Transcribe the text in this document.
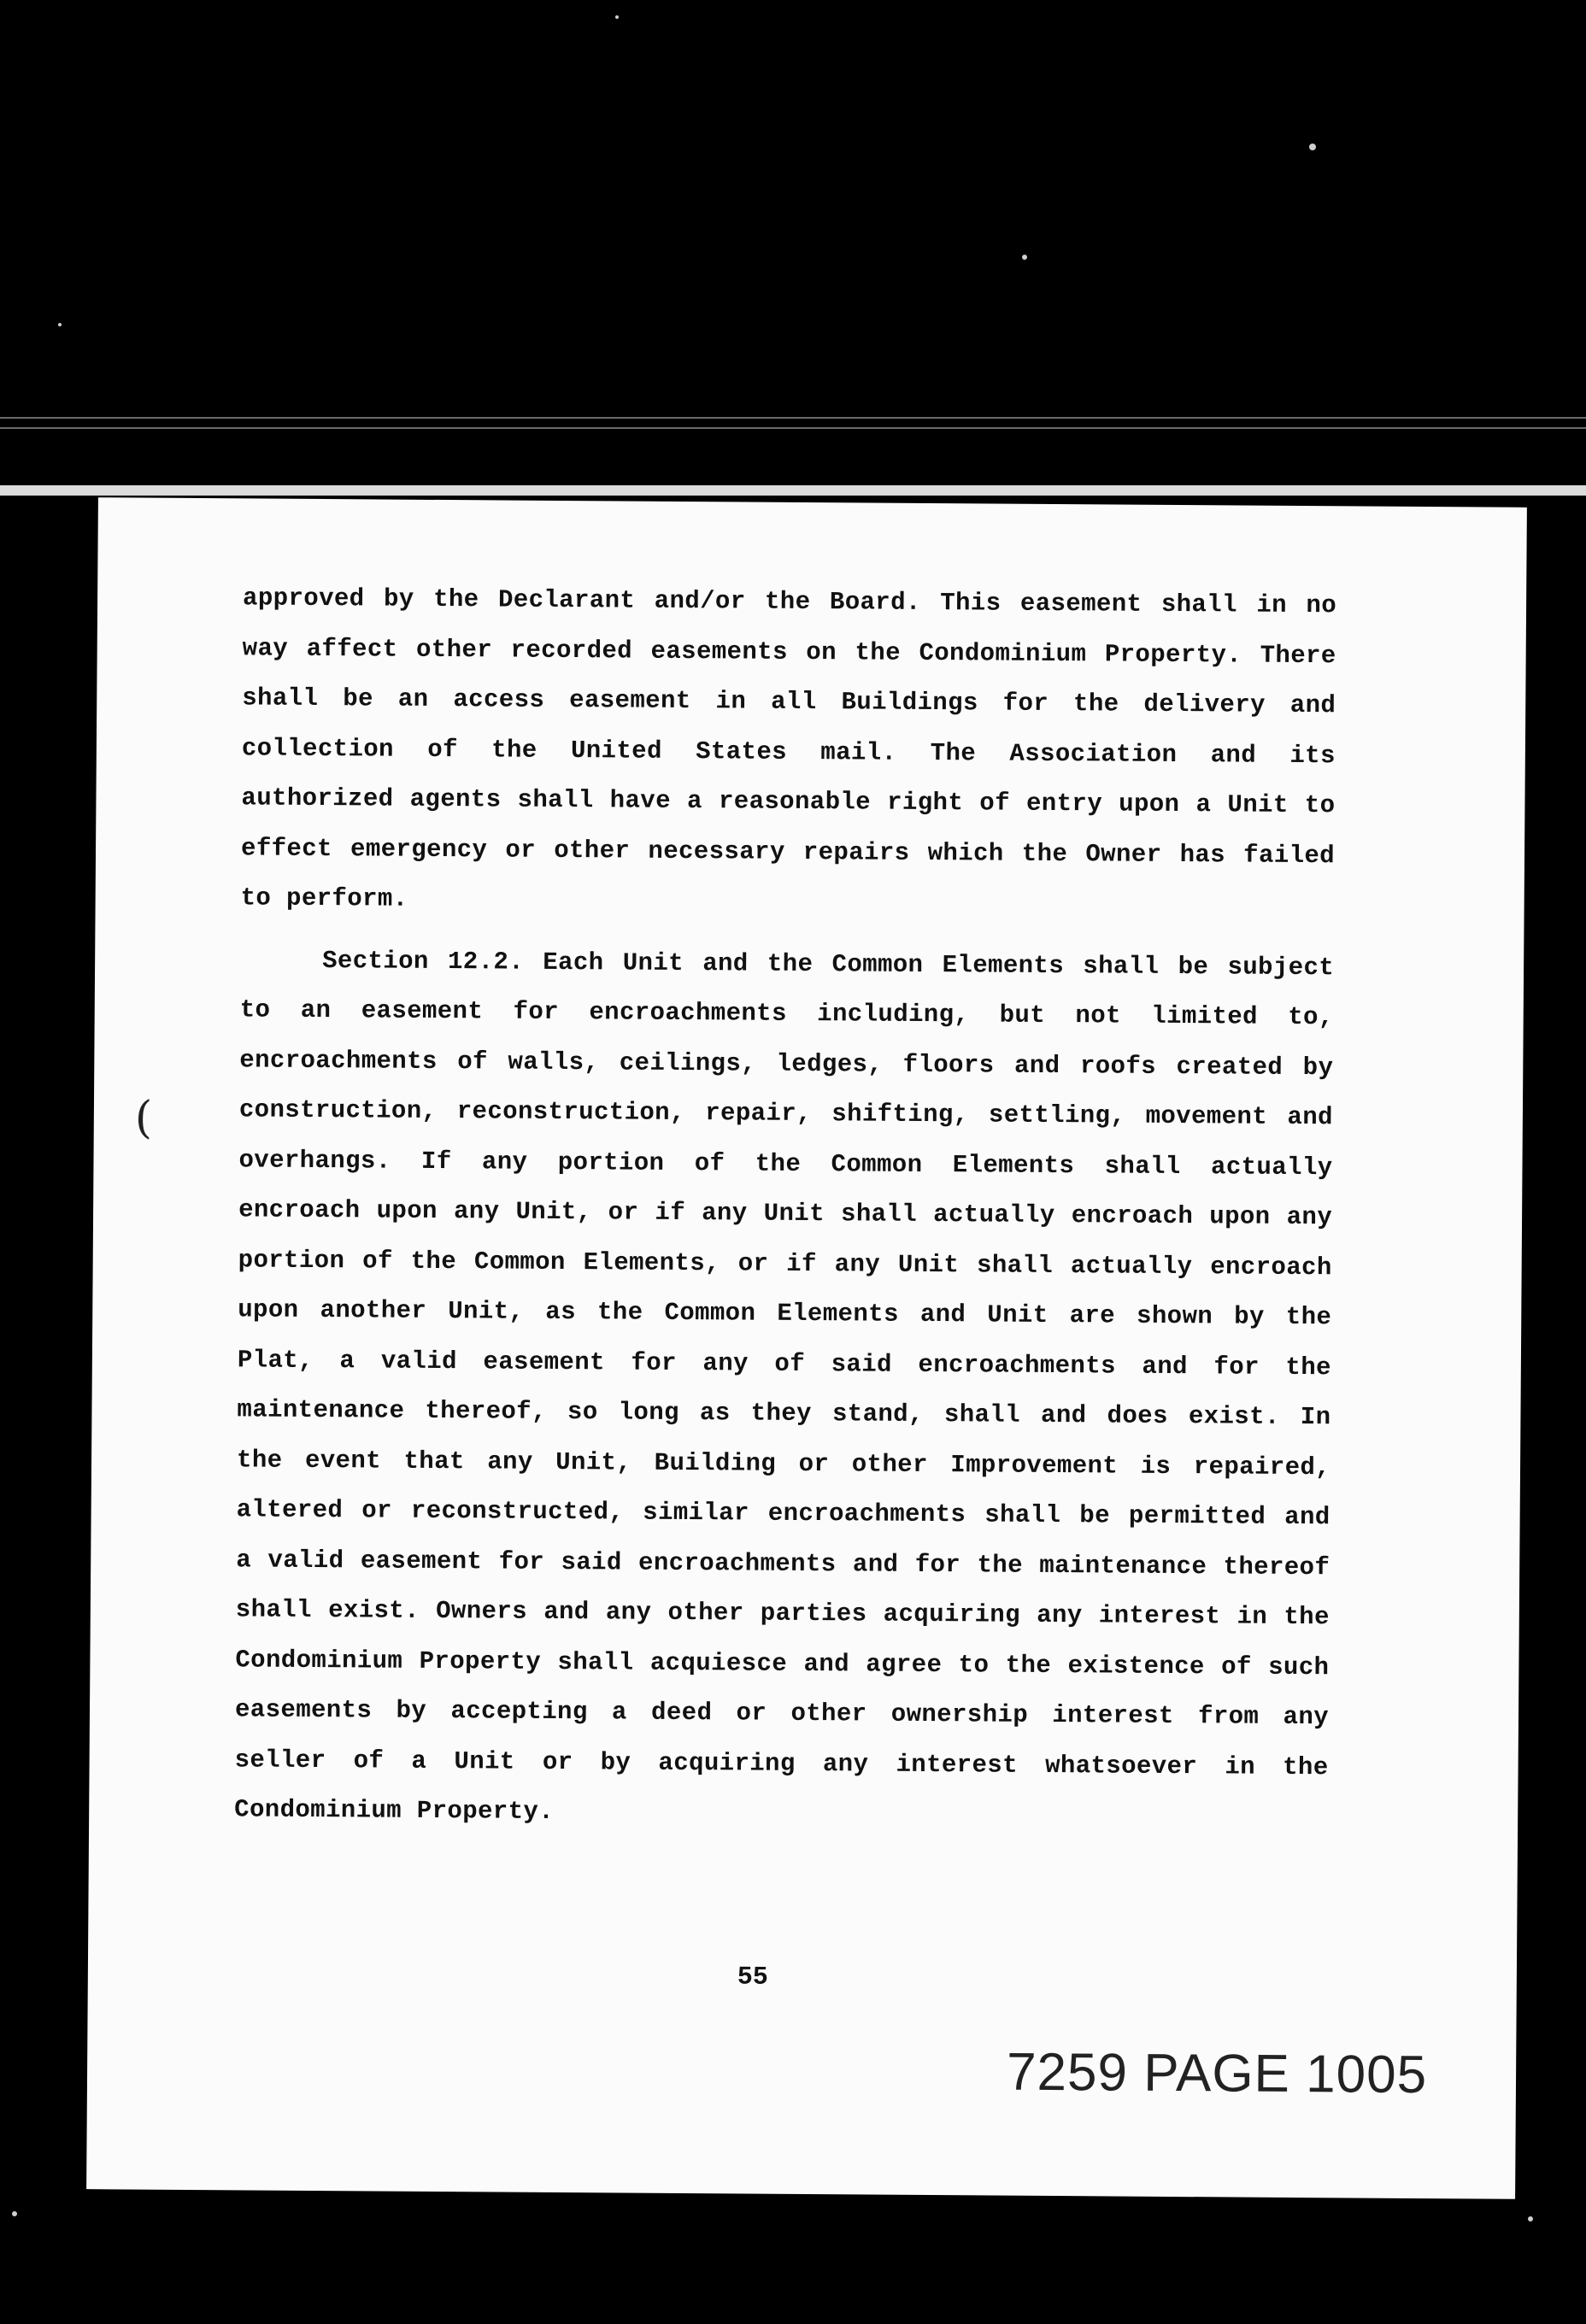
approved by the Declarant and/or the Board. This easement shall in no way affect other recorded easements on the Condominium Property. There shall be an access easement in all Buildings for the delivery and collection of the United States mail. The Association and its authorized agents shall have a reasonable right of entry upon a Unit to effect emergency or other necessary repairs which the Owner has failed to perform.

Section 12.2. Each Unit and the Common Elements shall be subject to an easement for encroachments including, but not limited to, encroachments of walls, ceilings, ledges, floors and roofs created by construction, reconstruction, repair, shifting, settling, movement and overhangs. If any portion of the Common Elements shall actually encroach upon any Unit, or if any Unit shall actually encroach upon any portion of the Common Elements, or if any Unit shall actually encroach upon another Unit, as the Common Elements and Unit are shown by the Plat, a valid easement for any of said encroachments and for the maintenance thereof, so long as they stand, shall and does exist. In the event that any Unit, Building or other Improvement is repaired, altered or reconstructed, similar encroachments shall be permitted and a valid easement for said encroachments and for the maintenance thereof shall exist. Owners and any other parties acquiring any interest in the Condominium Property shall acquiesce and agree to the existence of such easements by accepting a deed or other ownership interest from any seller of a Unit or by acquiring any interest whatsoever in the Condominium Property.

55
7259 PAGE 1005
(
